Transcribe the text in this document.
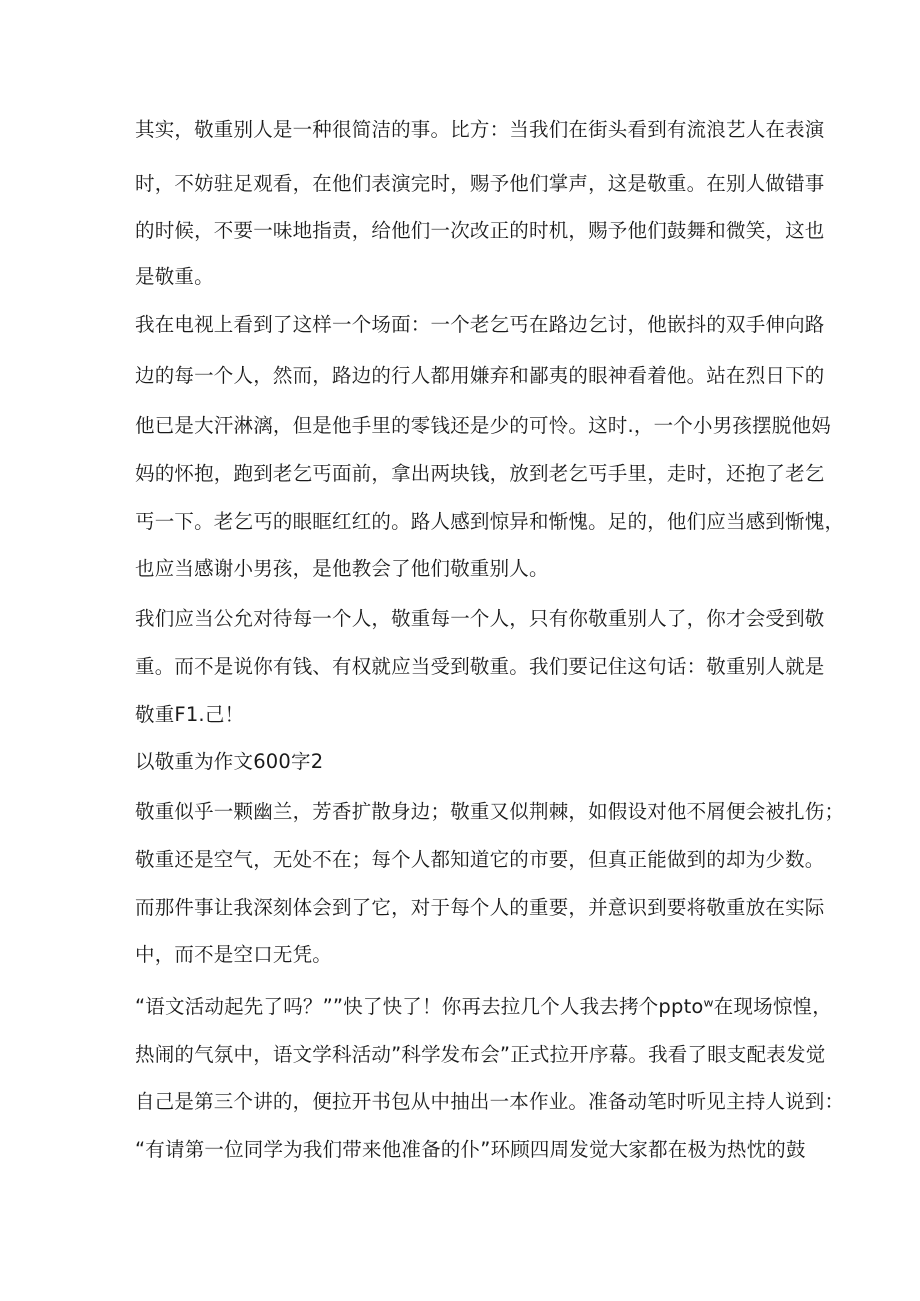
其实，敬重别人是一种很简洁的事。比方：当我们在街头看到有流浪艺人在表演
时，不妨驻足观看，在他们表演完时，赐予他们掌声，这是敬重。在别人做错事
的时候，不要一味地指责，给他们一次改正的时机，赐予他们鼓舞和微笑，这也
是敬重。
我在电视上看到了这样一个场面：一个老乞丐在路边乞讨，他嵌抖的双手伸向路
边的每一个人，然而，路边的行人都用嫌弃和鄙夷的眼神看着他。站在烈日下的
他已是大汗淋漓，但是他手里的零钱还是少的可怜。这时.，一个小男孩摆脱他妈
妈的怀抱，跑到老乞丐面前，拿出两块钱，放到老乞丐手里，走时，还抱了老乞
丐一下。老乞丐的眼眶红红的。路人感到惊异和惭愧。足的，他们应当感到惭愧，
也应当感谢小男孩，是他教会了他们敬重别人。
我们应当公允对待每一个人，敬重每一个人，只有你敬重别人了，你才会受到敬
重。而不是说你有钱、有权就应当受到敬重。我们要记住这句话：敬重别人就是
敬重F1.己！
以敬重为作文600字2
敬重似乎一颗幽兰，芳香扩散身边；敬重又似荆棘，如假设对他不屑便会被扎伤；
敬重还是空气，无处不在；每个人都知道它的市要，但真正能做到的却为少数。
而那件事让我深刻体会到了它，对于每个人的重要，并意识到要将敬重放在实际
中，而不是空口无凭。
“语文活动起先了吗？””快了快了！你再去拉几个人我去拷个pptoʷ在现场惊惶，
热闹的气氛中，语文学科活动”科学发布会”正式拉开序幕。我看了眼支配表发觉
自己是第三个讲的，便拉开书包从中抽出一本作业。准备动笔时听见主持人说到：
“有请第一位同学为我们带来他准备的仆”环顾四周发觉大家都在极为热忱的鼓
